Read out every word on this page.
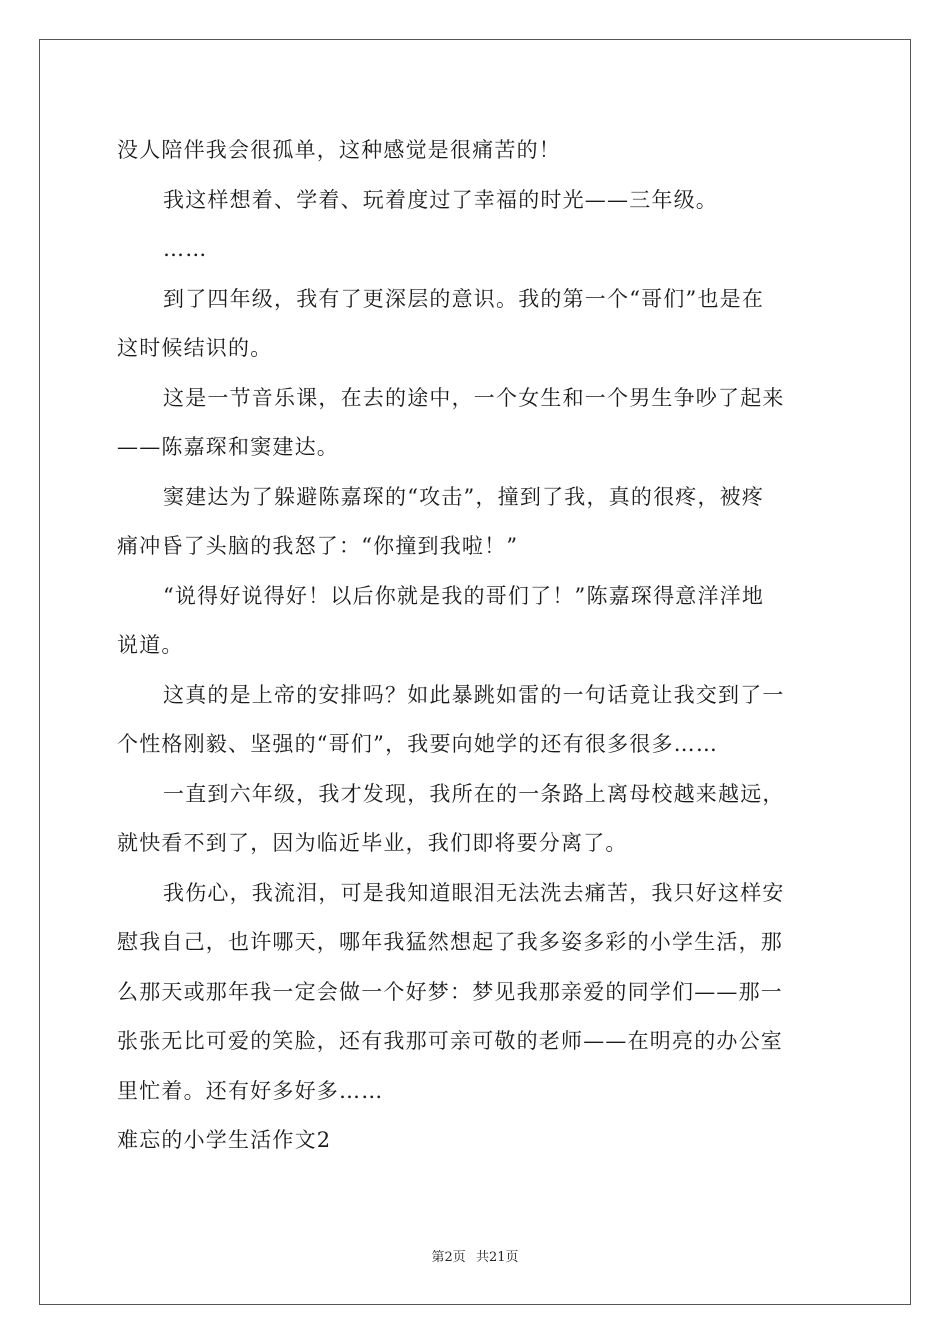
没人陪伴我会很孤单，这种感觉是很痛苦的！
我这样想着、学着、玩着度过了幸福的时光——三年级。
……
到了四年级，我有了更深层的意识。我的第一个“哥们”也是在
这时候结识的。
这是一节音乐课，在去的途中，一个女生和一个男生争吵了起来
——陈嘉琛和窦建达。
窦建达为了躲避陈嘉琛的“攻击”，撞到了我，真的很疼，被疼
痛冲昏了头脑的我怒了：“你撞到我啦！”
“说得好说得好！以后你就是我的哥们了！”陈嘉琛得意洋洋地
说道。
这真的是上帝的安排吗？如此暴跳如雷的一句话竟让我交到了一
个性格刚毅、坚强的“哥们”，我要向她学的还有很多很多……
一直到六年级，我才发现，我所在的一条路上离母校越来越远，
就快看不到了，因为临近毕业，我们即将要分离了。
我伤心，我流泪，可是我知道眼泪无法洗去痛苦，我只好这样安
慰我自己，也许哪天，哪年我猛然想起了我多姿多彩的小学生活，那
么那天或那年我一定会做一个好梦：梦见我那亲爱的同学们——那一
张张无比可爱的笑脸，还有我那可亲可敬的老师——在明亮的办公室
里忙着。还有好多好多……
难忘的小学生活作文2
第2页 共21页
